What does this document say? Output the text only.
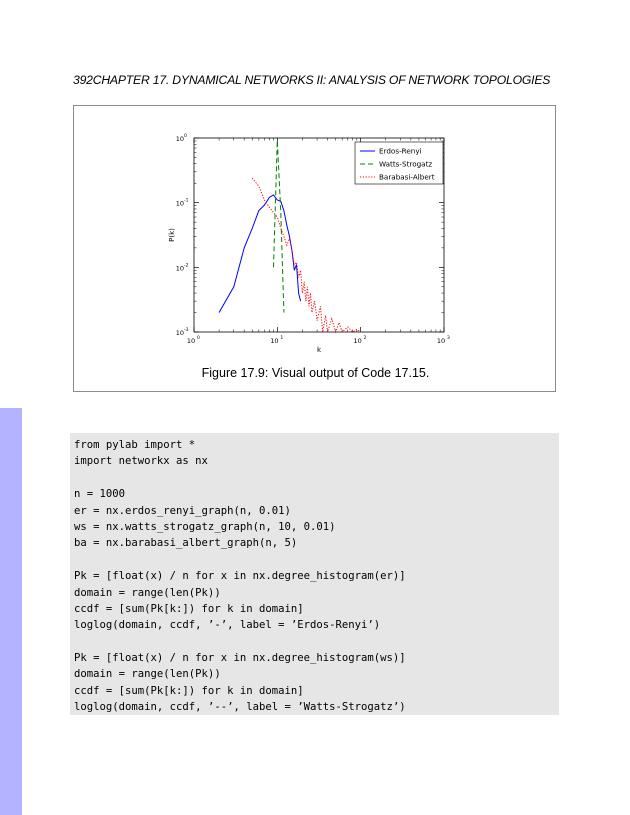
392CHAPTER 17. DYNAMICAL NETWORKS II: ANALYSIS OF NETWORK TOPOLOGIES
10 0	10 1	10 2	10 3
10 -3
10 -2
10 -1
10 0
k
P(k)
Erdos-Renyi
Watts-Strogatz
Barabasi-Albert
Figure 17.9: Visual output of Code 17.15.
from pylab import *
import networkx as nx
n = 1000
er = nx.erdos_renyi_graph(n, 0.01)
ws = nx.watts_strogatz_graph(n, 10, 0.01)
ba = nx.barabasi_albert_graph(n, 5)
Pk = [float(x) / n for x in nx.degree_histogram(er)]
domain = range(len(Pk))
ccdf = [sum(Pk[k:]) for k in domain]
loglog(domain, ccdf, ’-’, label = ’Erdos-Renyi’)
Pk = [float(x) / n for x in nx.degree_histogram(ws)]
domain = range(len(Pk))
ccdf = [sum(Pk[k:]) for k in domain]
loglog(domain, ccdf, ’--’, label = ’Watts-Strogatz’)
